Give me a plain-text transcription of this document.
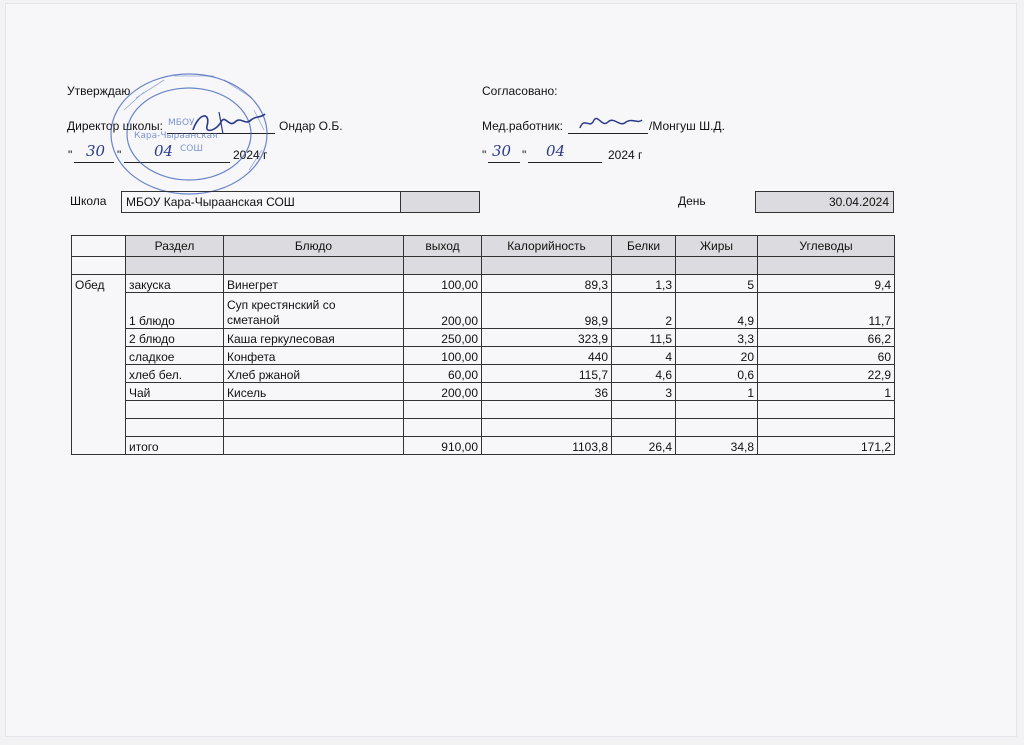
Утверждаю
Директор школы:	Ондар О.Б.
" 30 " 04	2024 г
Согласовано:
Мед.работник:	/Монгуш Ш.Д.
" 30 " 04	2024 г
МБОУ
Кара-Чыраанская
СОШ
Школа	МБОУ Кара-Чыраанская СОШ	День	30.04.2024
	Раздел	Блюдо	выход	Калорийность	Белки	Жиры	Углеводы

Обед	закуска	Винегрет	100,00	89,3	1,3	5	9,4
	1 блюдо	Суп крестянский со
сметаной	200,00	98,9	2	4,9	11,7
	2 блюдо	Каша геркулесовая	250,00	323,9	11,5	3,3	66,2
	сладкое	Конфета	100,00	440	4	20	60
	хлеб бел.	Хлеб ржаной	60,00	115,7	4,6	0,6	22,9
	Чай	Кисель	200,00	36	3	1	1

	итого		910,00	1103,8	26,4	34,8	171,2
